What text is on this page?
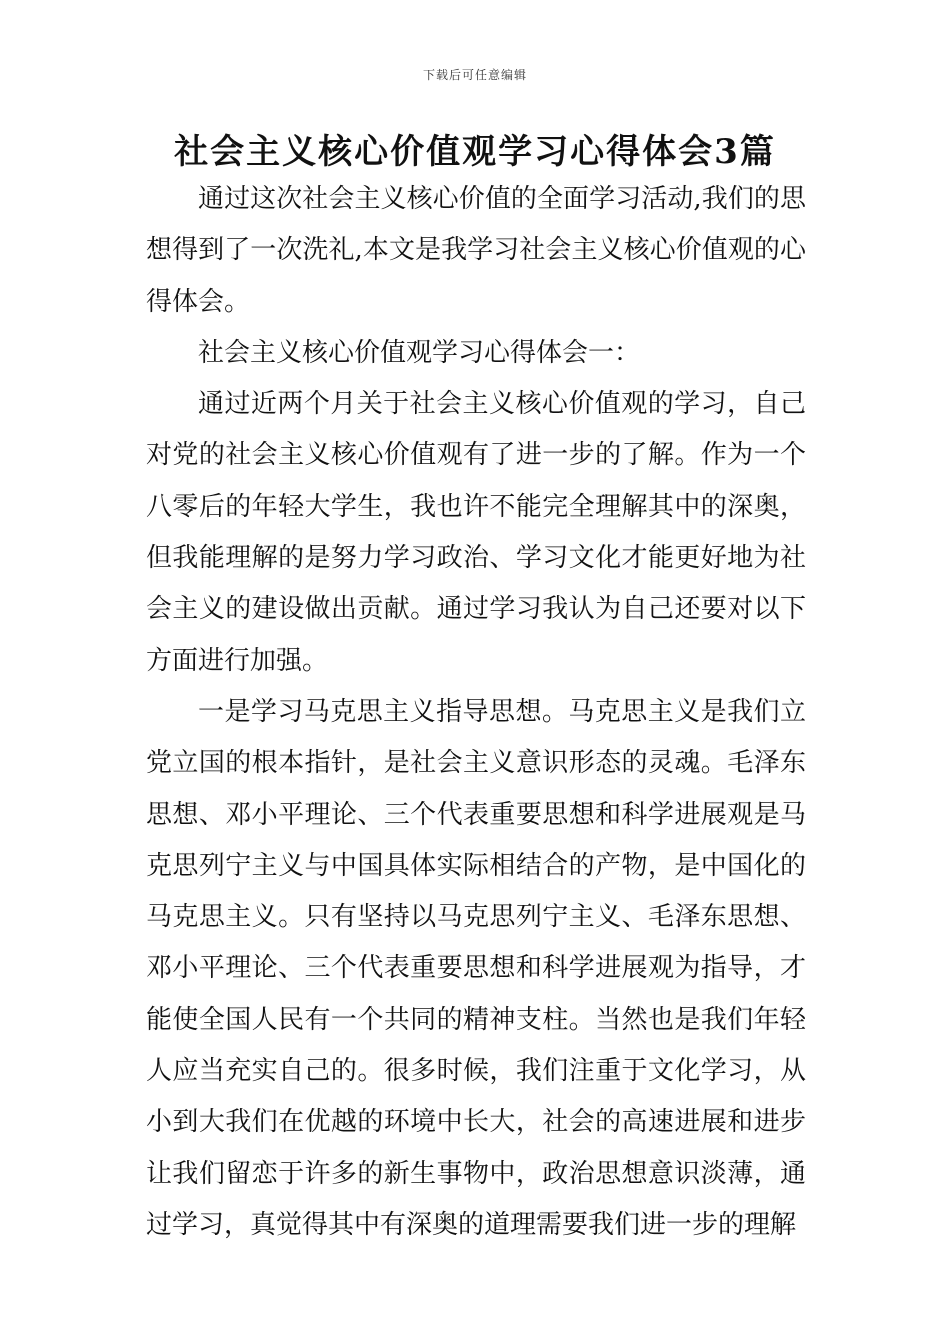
下载后可任意编辑
社会主义核心价值观学习心得体会3篇

通过这次社会主义核心价值的全面学习活动,我们的思想得到了一次洗礼,本文是我学习社会主义核心价值观的心得体会。

社会主义核心价值观学习心得体会一：

通过近两个月关于社会主义核心价值观的学习，自己对党的社会主义核心价值观有了进一步的了解。作为一个八零后的年轻大学生，我也许不能完全理解其中的深奥，但我能理解的是努力学习政治、学习文化才能更好地为社会主义的建设做出贡献。通过学习我认为自己还要对以下方面进行加强。

一是学习马克思主义指导思想。马克思主义是我们立党立国的根本指针，是社会主义意识形态的灵魂。毛泽东思想、邓小平理论、三个代表重要思想和科学进展观是马克思列宁主义与中国具体实际相结合的产物，是中国化的马克思主义。只有坚持以马克思列宁主义、毛泽东思想、邓小平理论、三个代表重要思想和科学进展观为指导，才能使全国人民有一个共同的精神支柱。当然也是我们年轻人应当充实自己的。很多时候，我们注重于文化学习，从小到大我们在优越的环境中长大，社会的高速进展和进步让我们留恋于许多的新生事物中，政治思想意识淡薄，通过学习，真觉得其中有深奥的道理需要我们进一步的理解
